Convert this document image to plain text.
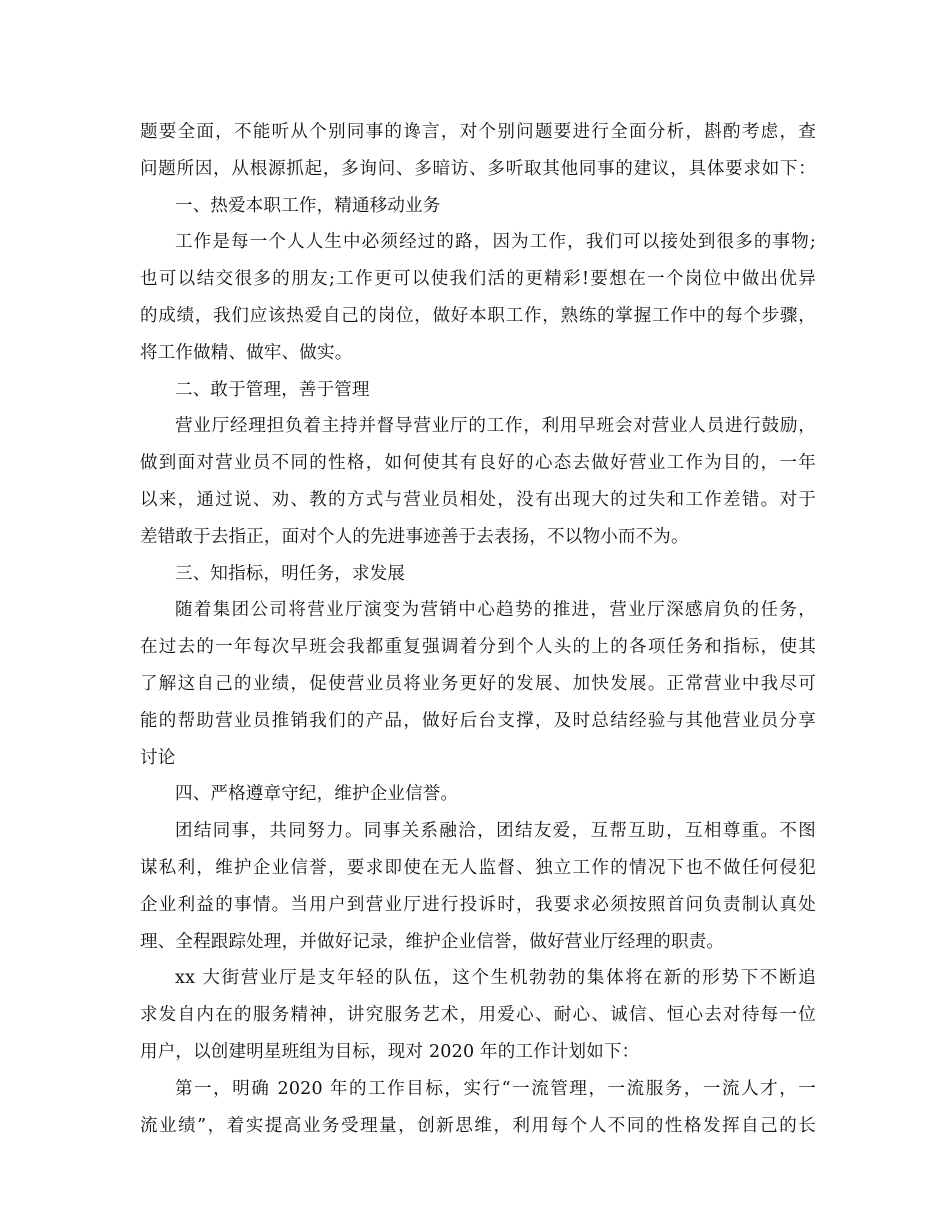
题要全面，不能听从个别同事的谗言，对个别问题要进行全面分析，斟酌考虑，查
问题所因，从根源抓起，多询问、多暗访、多听取其他同事的建议，具体要求如下：
一、热爱本职工作，精通移动业务
工作是每一个人人生中必须经过的路，因为工作，我们可以接处到很多的事物;
也可以结交很多的朋友;工作更可以使我们活的更精彩!要想在一个岗位中做出优异
的成绩，我们应该热爱自己的岗位，做好本职工作，熟练的掌握工作中的每个步骤，
将工作做精、做牢、做实。
二、敢于管理，善于管理
营业厅经理担负着主持并督导营业厅的工作，利用早班会对营业人员进行鼓励，
做到面对营业员不同的性格，如何使其有良好的心态去做好营业工作为目的，一年
以来，通过说、劝、教的方式与营业员相处，没有出现大的过失和工作差错。对于
差错敢于去指正，面对个人的先进事迹善于去表扬，不以物小而不为。
三、知指标，明任务，求发展
随着集团公司将营业厅演变为营销中心趋势的推进，营业厅深感肩负的任务，
在过去的一年每次早班会我都重复强调着分到个人头的上的各项任务和指标，使其
了解这自己的业绩，促使营业员将业务更好的发展、加快发展。正常营业中我尽可
能的帮助营业员推销我们的产品，做好后台支撑，及时总结经验与其他营业员分享
讨论
四、严格遵章守纪，维护企业信誉。
团结同事，共同努力。同事关系融洽，团结友爱，互帮互助，互相尊重。不图
谋私利，维护企业信誉，要求即使在无人监督、独立工作的情况下也不做任何侵犯
企业利益的事情。当用户到营业厅进行投诉时，我要求必须按照首问负责制认真处
理、全程跟踪处理，并做好记录，维护企业信誉，做好营业厅经理的职责。
xx 大街营业厅是支年轻的队伍，这个生机勃勃的集体将在新的形势下不断追
求发自内在的服务精神，讲究服务艺术，用爱心、耐心、诚信、恒心去对待每一位
用户，以创建明星班组为目标，现对 2020 年的工作计划如下：
第一，明确 2020 年的工作目标，实行“一流管理，一流服务，一流人才，一
流业绩”，着实提高业务受理量，创新思维，利用每个人不同的性格发挥自己的长
